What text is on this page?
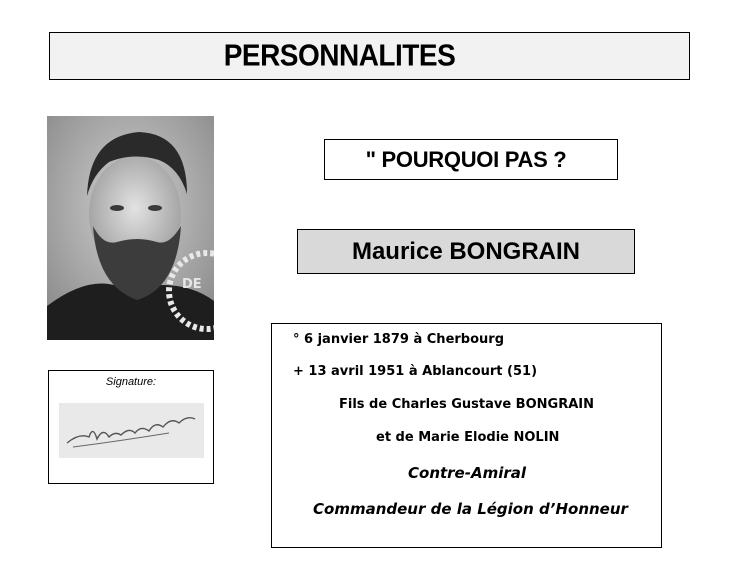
PERSONNALITES
DE
" POURQUOI PAS ?
Maurice BONGRAIN
Signature:
° 6 janvier 1879 à Cherbourg
+ 13 avril 1951 à Ablancourt (51)
Fils de Charles Gustave BONGRAIN
et de Marie Elodie NOLIN
Contre-Amiral
Commandeur de la Légion d’Honneur
